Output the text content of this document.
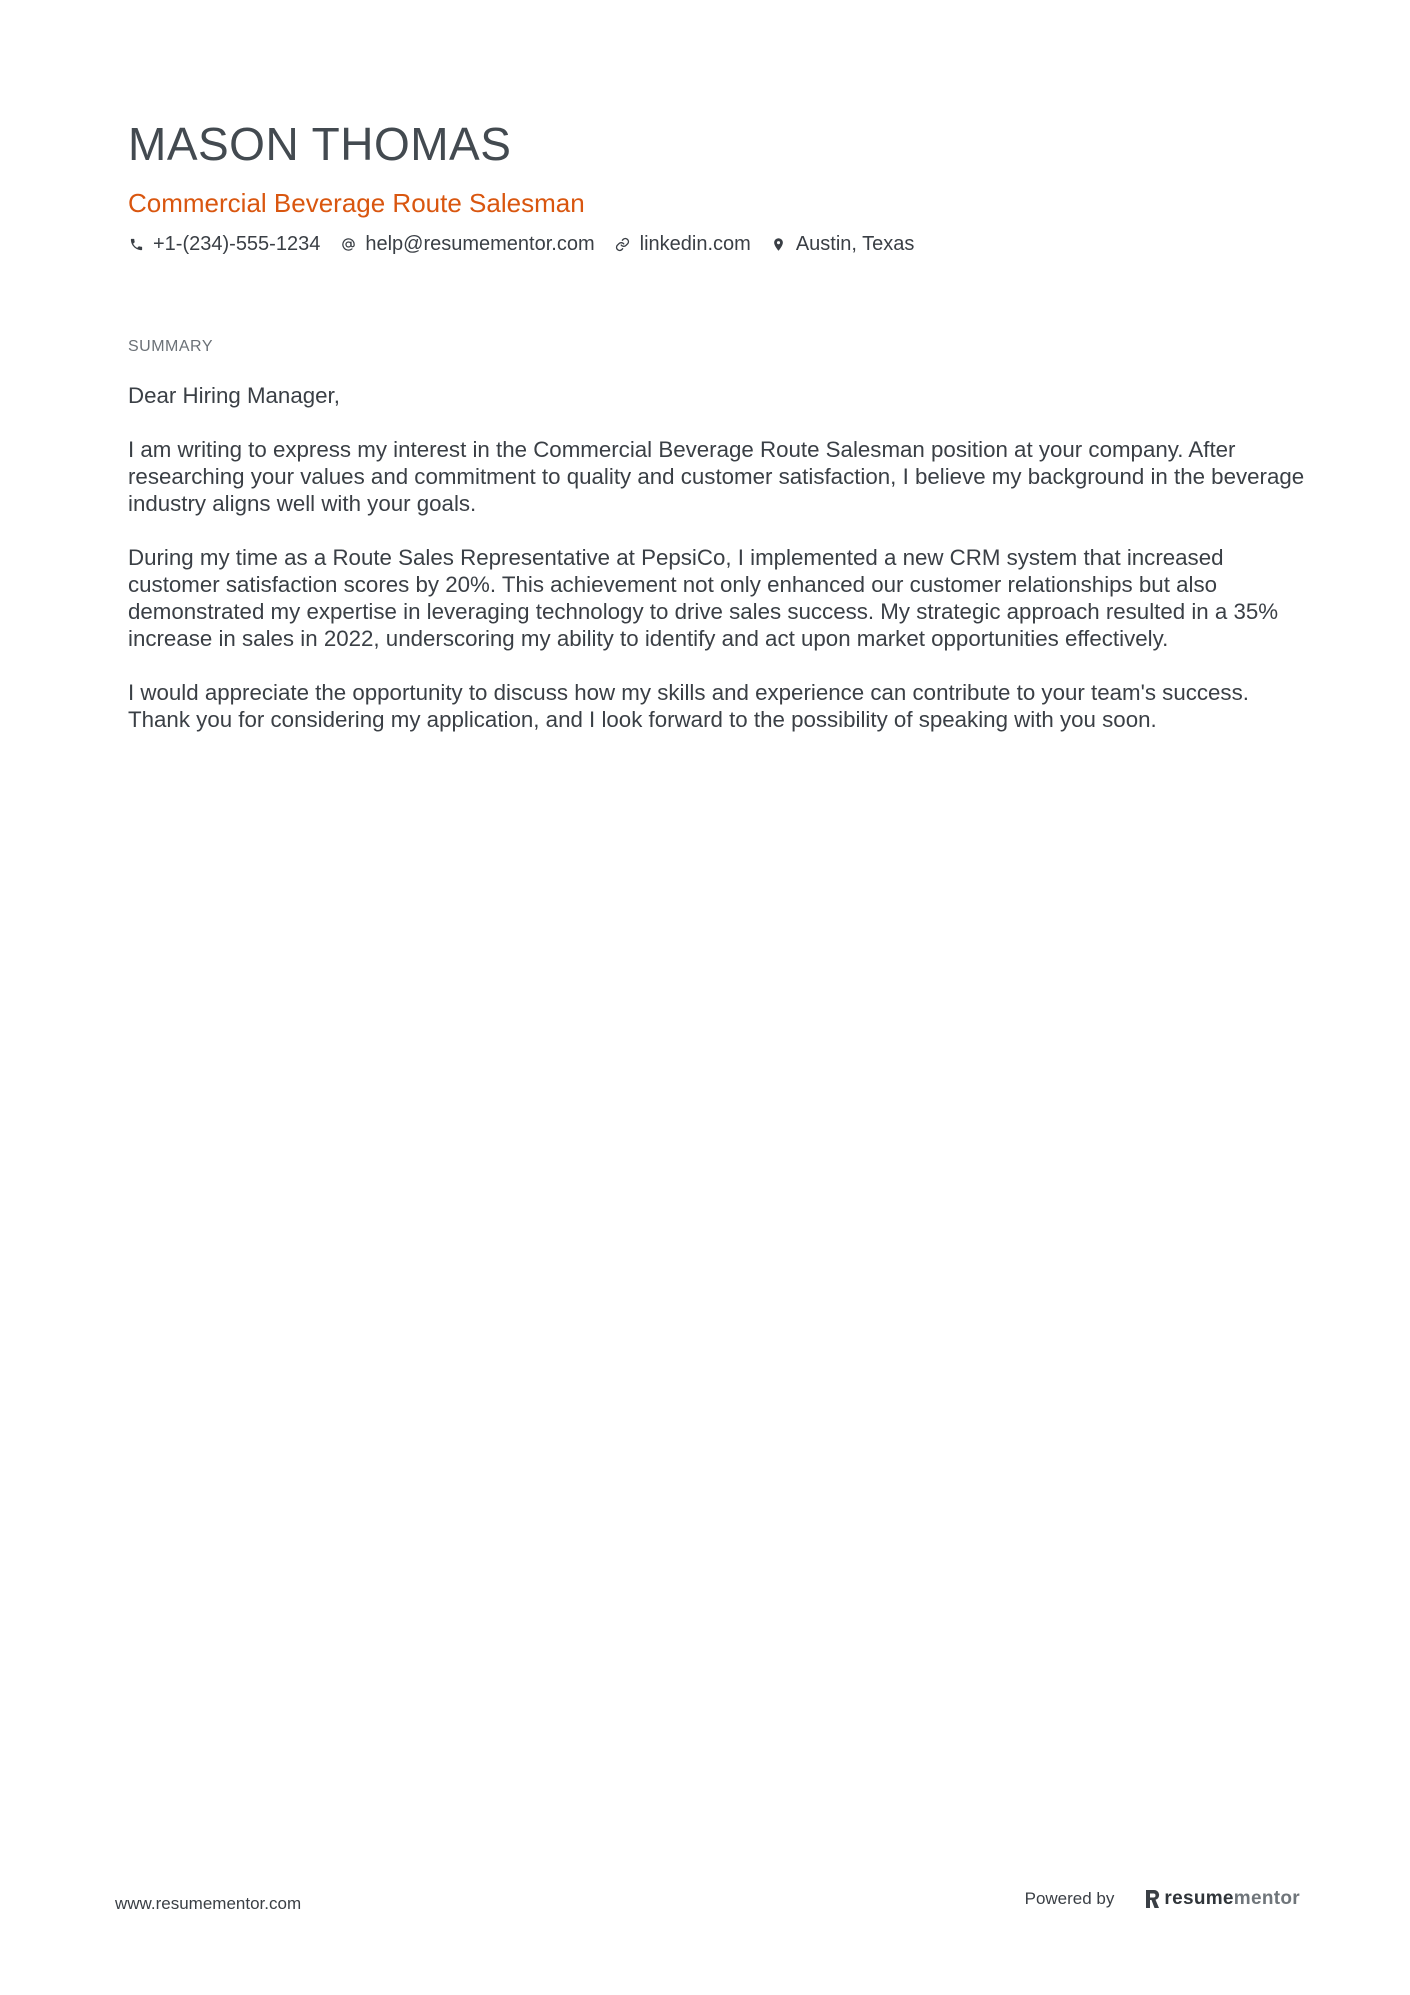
MASON THOMAS
Commercial Beverage Route Salesman
+1-(234)-555-1234 help@resumementor.com linkedin.com Austin, Texas
SUMMARY

Dear Hiring Manager,

I am writing to express my interest in the Commercial Beverage Route Salesman position at your company. After researching your values and commitment to quality and customer satisfaction, I believe my background in the beverage industry aligns well with your goals.

During my time as a Route Sales Representative at PepsiCo, I implemented a new CRM system that increased customer satisfaction scores by 20%. This achievement not only enhanced our customer relationships but also demonstrated my expertise in leveraging technology to drive sales success. My strategic approach resulted in a 35% increase in sales in 2022, underscoring my ability to identify and act upon market opportunities effectively.

I would appreciate the opportunity to discuss how my skills and experience can contribute to your team's success. Thank you for considering my application, and I look forward to the possibility of speaking with you soon.

www.resumementor.com	Powered by	resume mentor
